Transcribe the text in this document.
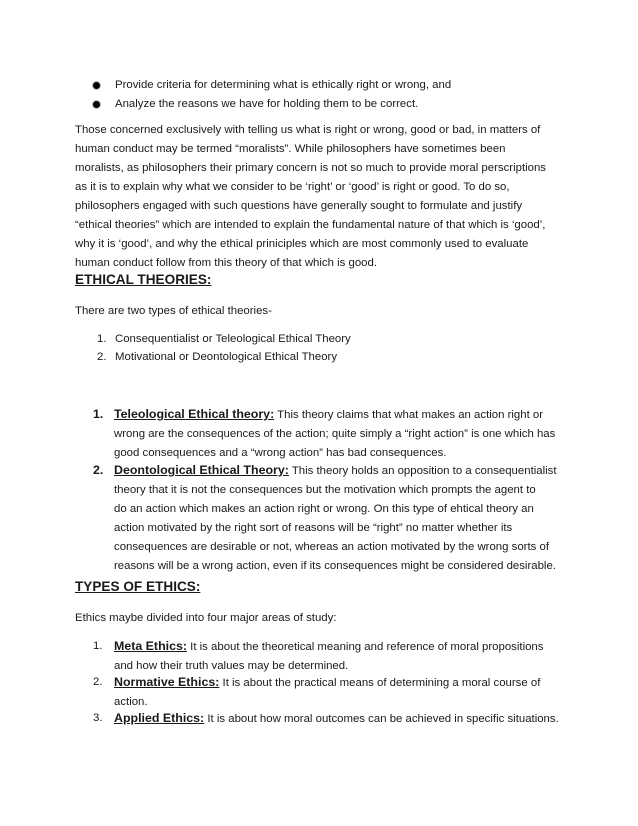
Provide criteria for determining what is ethically right or wrong, and
Analyze the reasons we have for holding them to be correct.

Those concerned exclusively with telling us what is right or wrong, good or bad, in matters of
human conduct may be termed “moralists”. While philosophers have sometimes been
moralists, as philosophers their primary concern is not so much to provide moral perscriptions
as it is to explain why what we consider to be ‘right’ or ‘good’ is right or good. To do so,
philosophers engaged with such questions have generally sought to formulate and justify
“ethical theories” which are intended to explain the fundamental nature of that which is ‘good’,
why it is ‘good’, and why the ethical priniciples which are most commonly used to evaluate
human conduct follow from this theory of that which is good.

ETHICAL THEORIES:

There are two types of ethical theories-

1. Consequentialist or Teleological Ethical Theory
2. Motivational or Deontological Ethical Theory
1. Teleological Ethical theory: This theory claims that what makes an action right or
wrong are the consequences of the action; quite simply a “right action” is one which has
good consequences and a “wrong action” has bad consequences.
2. Deontological Ethical Theory: This theory holds an opposition to a consequentialist
theory that it is not the consequences but the motivation which prompts the agent to
do an action which makes an action right or wrong. On this type of ehtical theory an
action motivated by the right sort of reasons will be “right” no matter whether its
consequences are desirable or not, whereas an action motivated by the wrong sorts of
reasons will be a wrong action, even if its consequences might be considered desirable.
TYPES OF ETHICS:

Ethics maybe divided into four major areas of study:

1. Meta Ethics: It is about the theoretical meaning and reference of moral propositions
and how their truth values may be determined.
2. Normative Ethics: It is about the practical means of determining a moral course of
action.
3. Applied Ethics: It is about how moral outcomes can be achieved in specific situations.
